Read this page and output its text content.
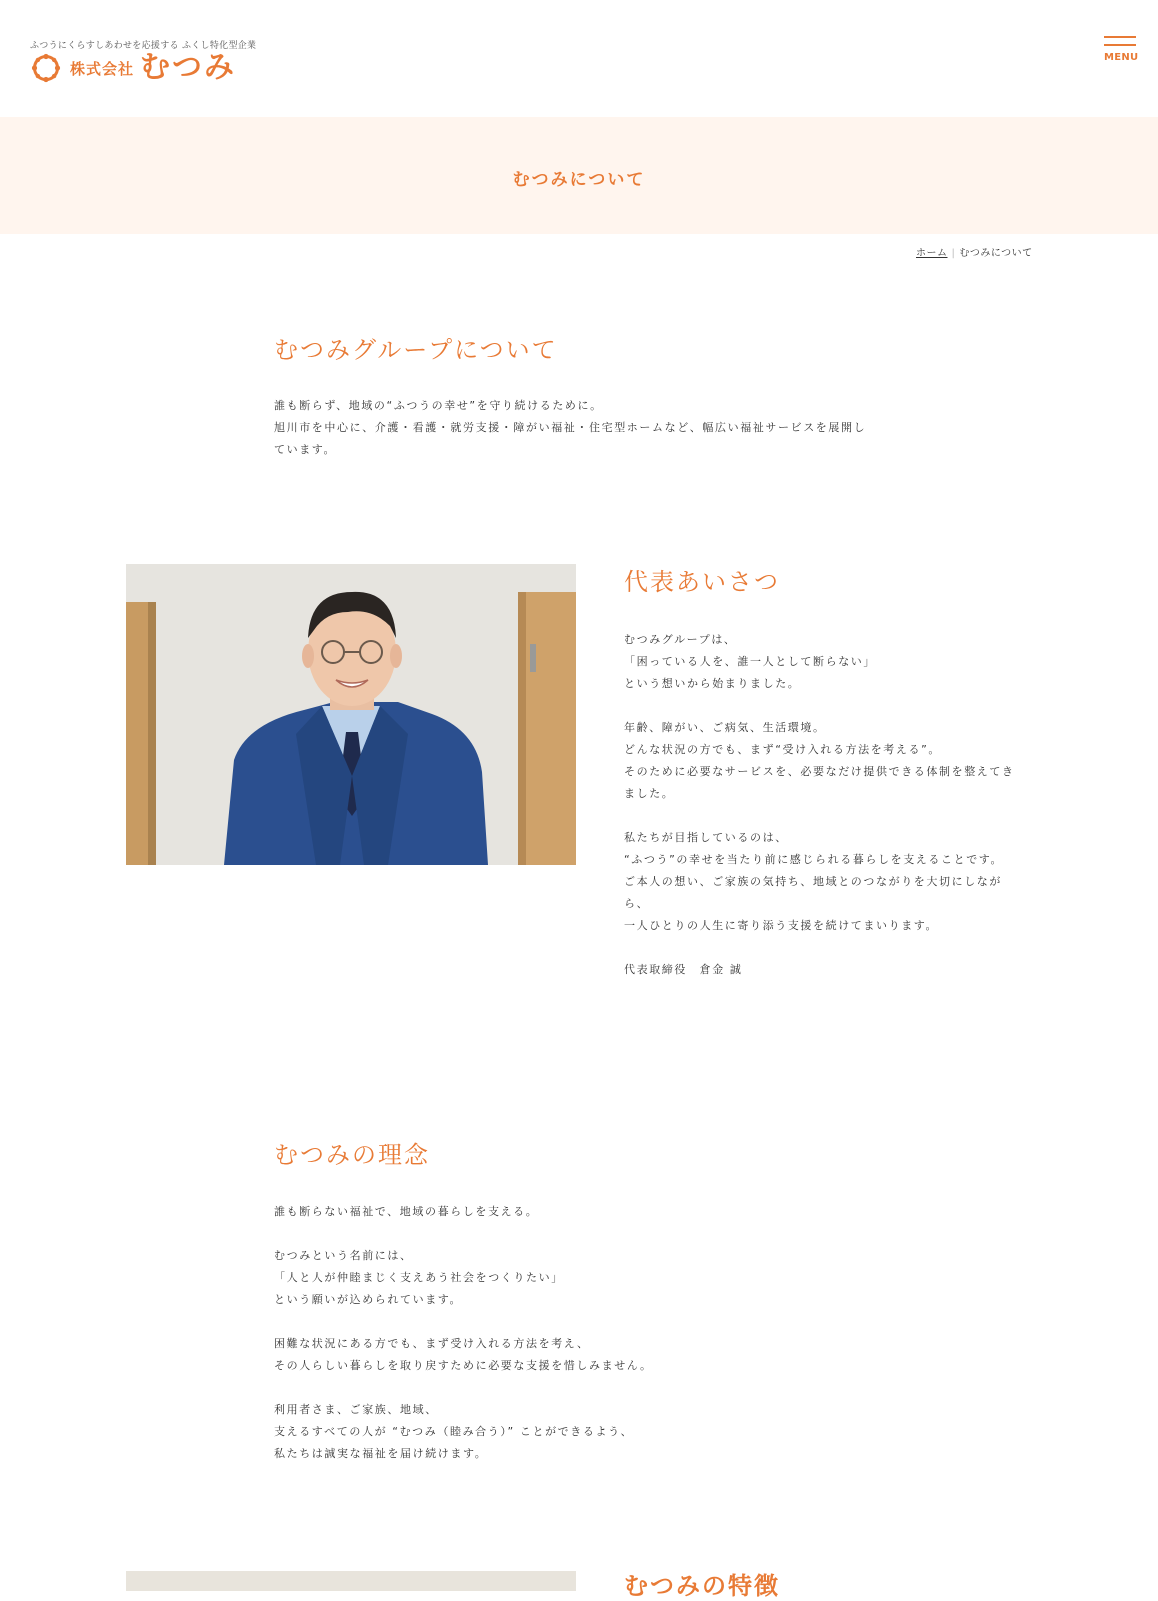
ふつうにくらすしあわせを応援する ふくし特化型企業
株式会社 むつみ	MENU
むつみについて
ホーム | むつみについて
むつみグループについて

誰も断らず、地域の“ふつうの幸せ”を守り続けるために。

旭川市を中心に、介護・看護・就労支援・障がい福祉・住宅型ホームなど、幅広い福祉サービスを展開し

ています。

代表あいさつ

むつみグループは、

「困っている人を、誰一人として断らない」

という想いから始まりました。

年齢、障がい、ご病気、生活環境。

どんな状況の方でも、まず“受け入れる方法を考える”。

そのために必要なサービスを、必要なだけ提供できる体制を整えてき

ました。

私たちが目指しているのは、

“ふつう”の幸せを当たり前に感じられる暮らしを支えることです。

ご本人の想い、ご家族の気持ち、地域とのつながりを大切にしなが

ら、

一人ひとりの人生に寄り添う支援を続けてまいります。

代表取締役　倉金 誠

むつみの理念

誰も断らない福祉で、地域の暮らしを支える。

むつみという名前には、

「人と人が仲睦まじく支えあう社会をつくりたい」

という願いが込められています。

困難な状況にある方でも、まず受け入れる方法を考え、

その人らしい暮らしを取り戻すために必要な支援を惜しみません。

利用者さま、ご家族、地域、

支えるすべての人が “むつみ（睦み合う）” ことができるよう、

私たちは誠実な福祉を届け続けます。

むつみの特徴
